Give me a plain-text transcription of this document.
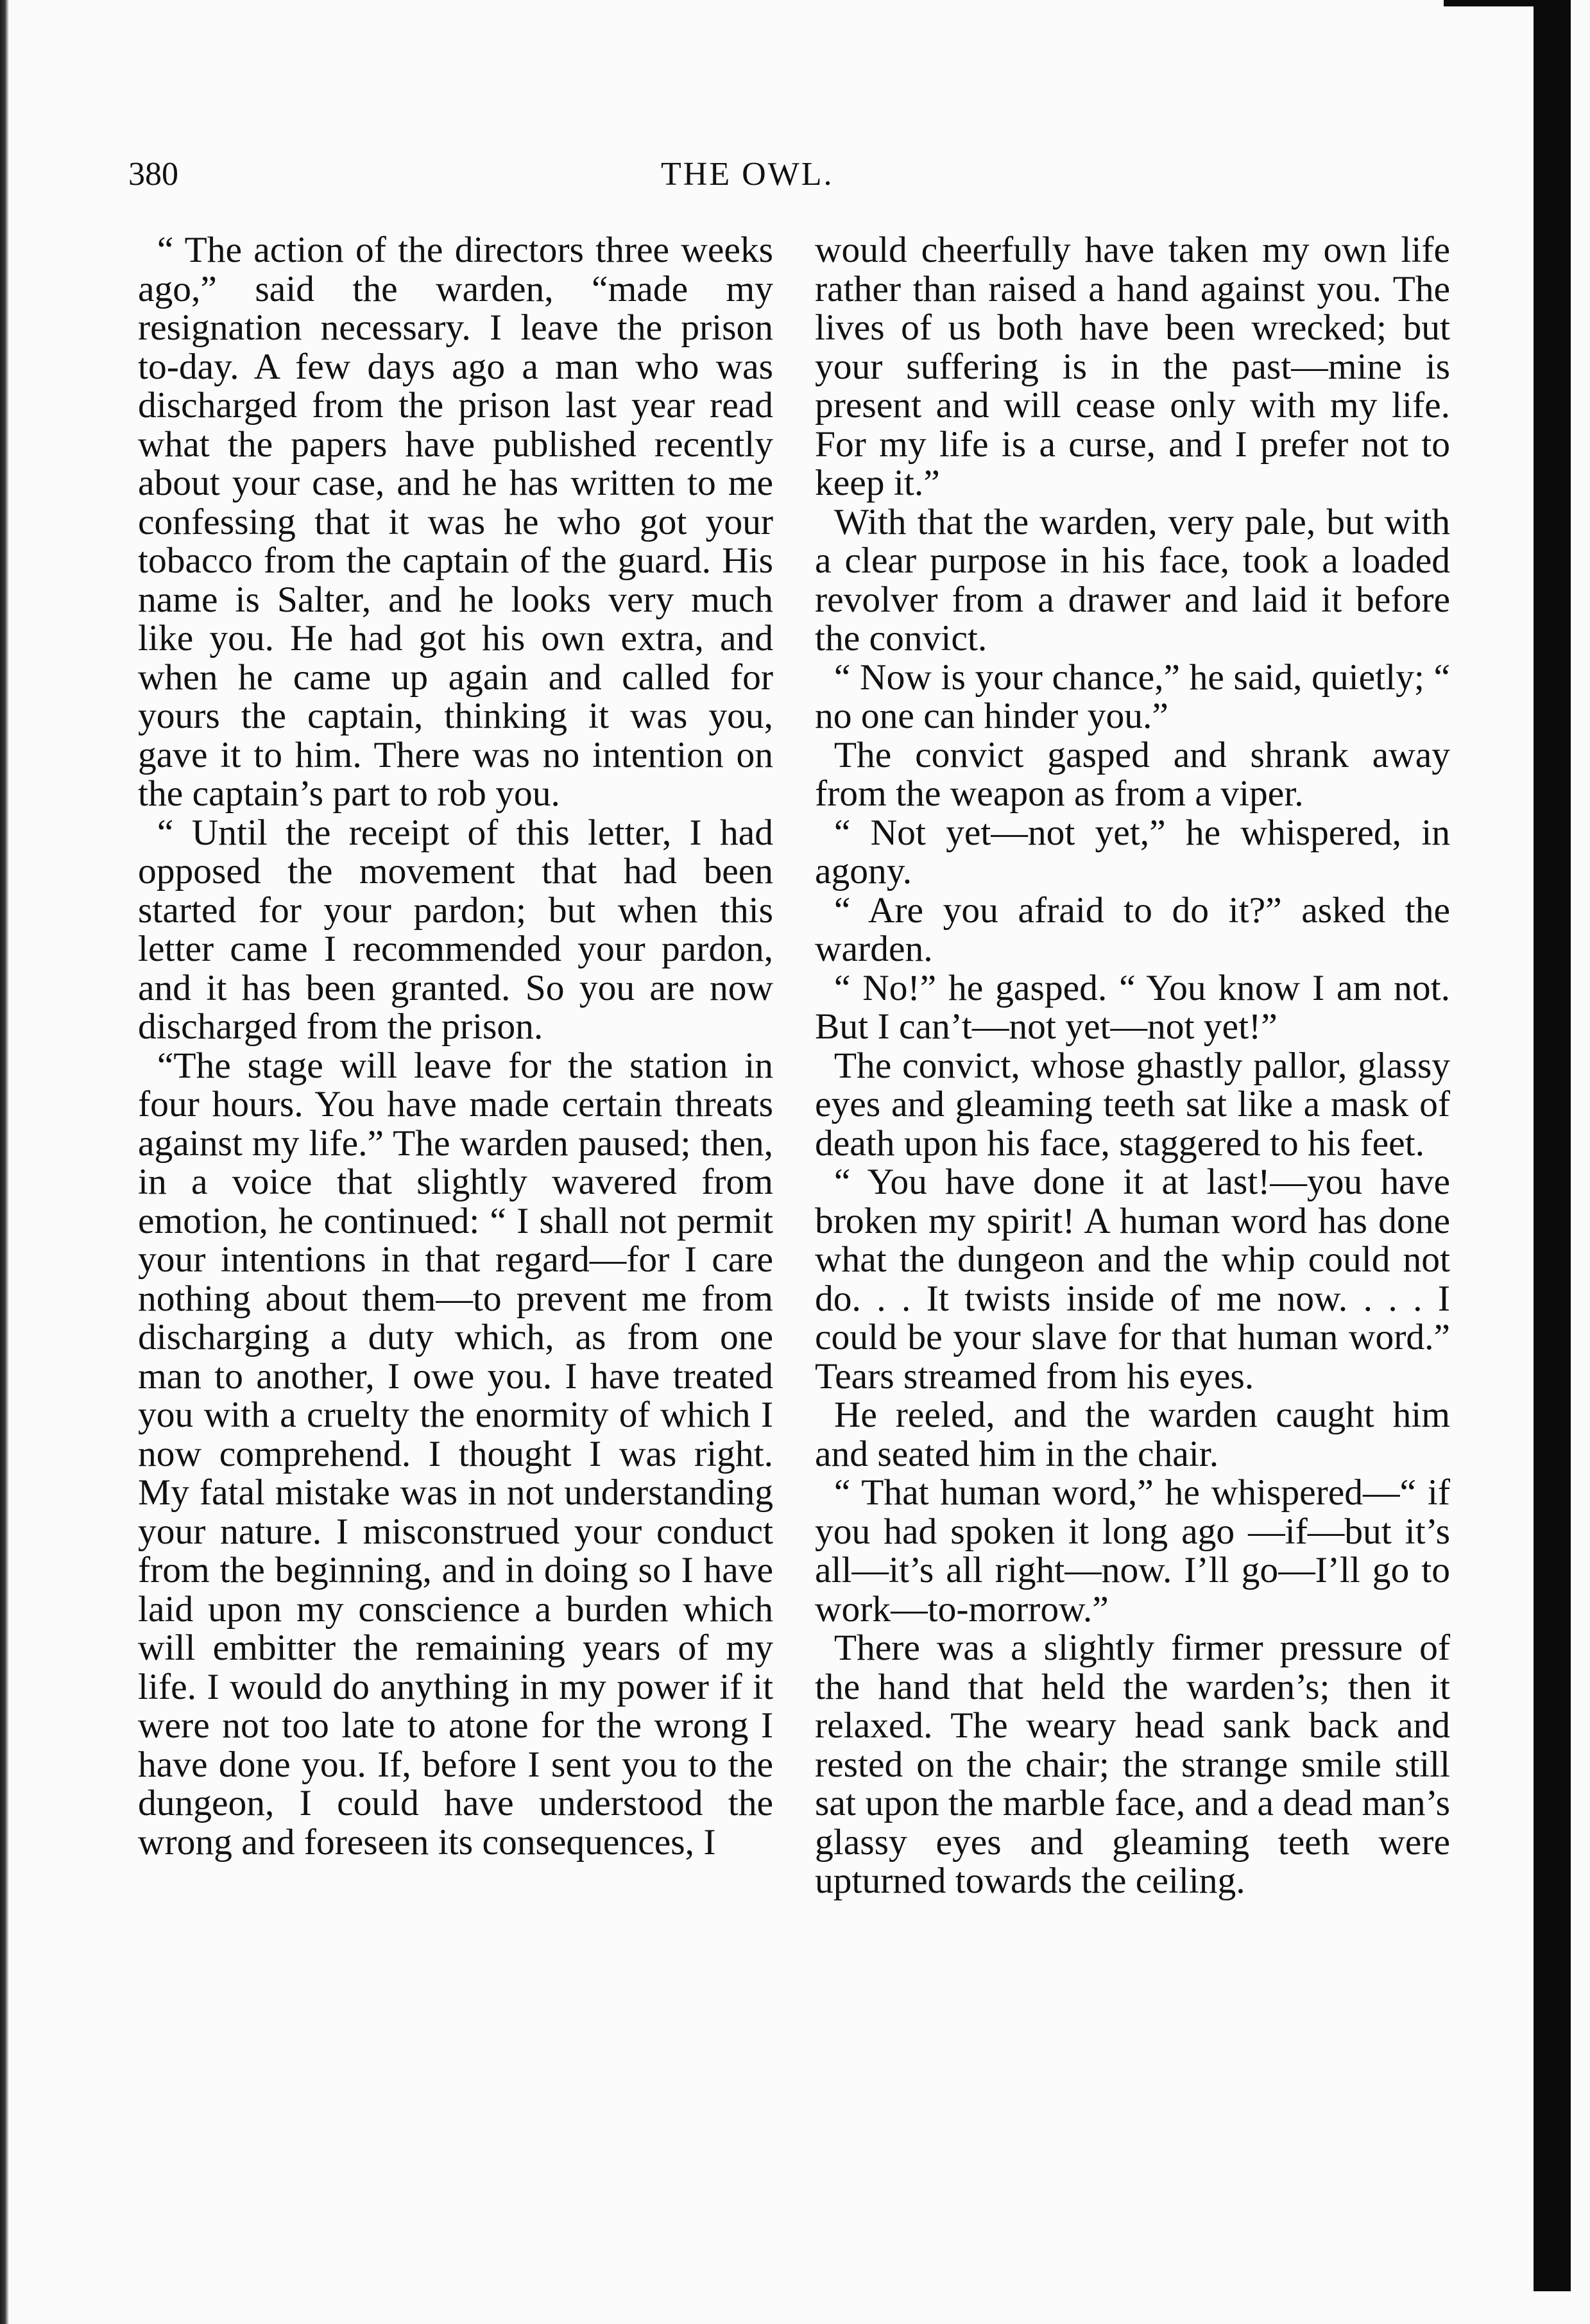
380	THE OWL.

“ The action of the directors three weeks ago,” said the warden, “made my resignation necessary. I leave the prison to-day. A few days ago a man who was discharged from the prison last year read what the papers have published recently about your case, and he has written to me confessing that it was he who got your tobacco from the captain of the guard. His name is Salter, and he looks very much like you. He had got his own extra, and when he came up again and called for yours the captain, thinking it was you, gave it to him. There was no intention on the captain’s part to rob you.

“ Until the receipt of this letter, I had opposed the movement that had been started for your pardon; but when this letter came I recommended your pardon, and it has been granted. So you are now discharged from the prison.

“The stage will leave for the station in four hours. You have made certain threats against my life.” The warden paused; then, in a voice that slightly wavered from emotion, he continued: “ I shall not permit your intentions in that regard—for I care nothing about them—to prevent me from discharging a duty which, as from one man to another, I owe you. I have treated you with a cruelty the enormity of which I now comprehend. I thought I was right. My fatal mistake was in not understanding your nature. I misconstrued your conduct from the beginning, and in doing so I have laid upon my conscience a burden which will embitter the remaining years of my life. I would do anything in my power if it were not too late to atone for the wrong I have done you. If, before I sent you to the dungeon, I could have understood the wrong and foreseen its consequences, I

would cheerfully have taken my own life rather than raised a hand against you. The lives of us both have been wrecked; but your suffering is in the past—mine is present and will cease only with my life. For my life is a curse, and I prefer not to keep it.”

With that the warden, very pale, but with a clear purpose in his face, took a loaded revolver from a drawer and laid it before the convict.

“ Now is your chance,” he said, quietly; “ no one can hinder you.”

The convict gasped and shrank away from the weapon as from a viper.

“ Not yet—not yet,” he whispered, in agony.

“ Are you afraid to do it?” asked the warden.

“ No!” he gasped. “ You know I am not. But I can’t—not yet—not yet!”

The convict, whose ghastly pallor, glassy eyes and gleaming teeth sat like a mask of death upon his face, staggered to his feet.

“ You have done it at last!—you have broken my spirit! A human word has done what the dungeon and the whip could not do. . . It twists inside of me now. . . . I could be your slave for that human word.” Tears streamed from his eyes.

He reeled, and the warden caught him and seated him in the chair.

“ That human word,” he whispered—“ if you had spoken it long ago —if—but it’s all—it’s all right—now. I’ll go—I’ll go to work—to-morrow.”

There was a slightly firmer pressure of the hand that held the warden’s; then it relaxed. The weary head sank back and rested on the chair; the strange smile still sat upon the marble face, and a dead man’s glassy eyes and gleaming teeth were upturned towards the ceiling.
